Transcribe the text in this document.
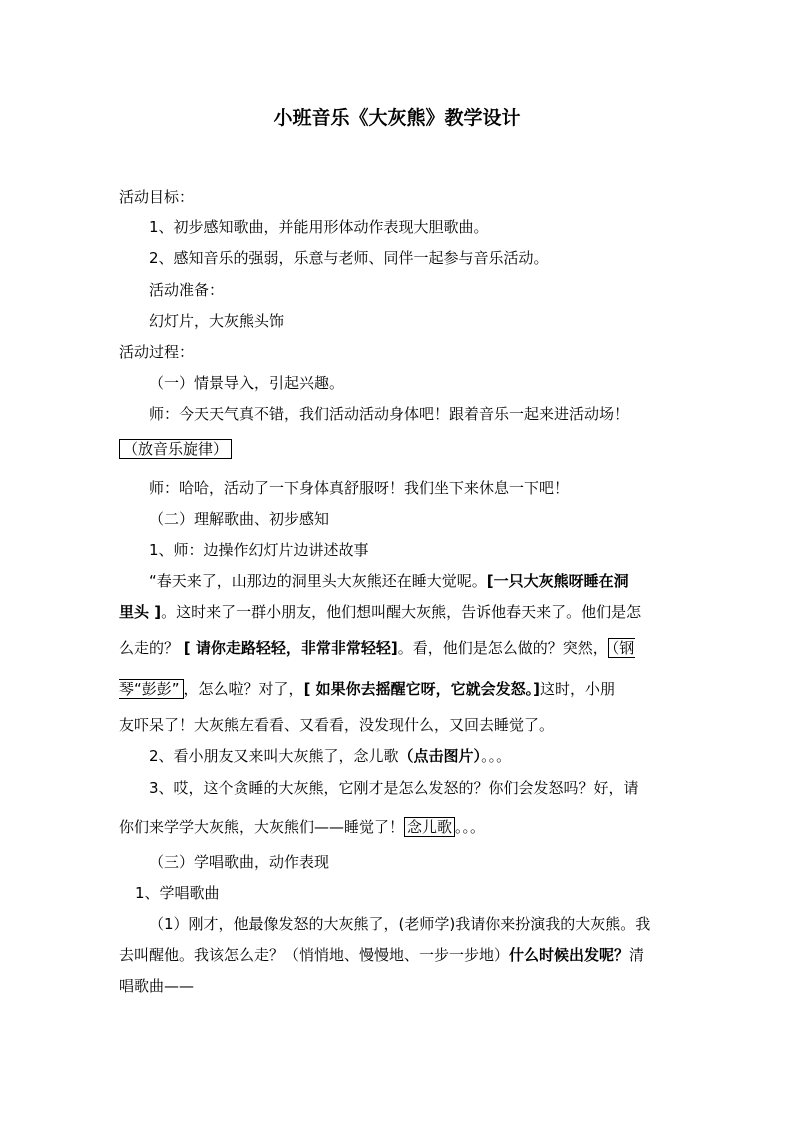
小班音乐《大灰熊》教学设计
活动目标：
1、初步感知歌曲，并能用形体动作表现大胆歌曲。
2、感知音乐的强弱，乐意与老师、同伴一起参与音乐活动。
活动准备：
幻灯片，大灰熊头饰
活动过程：
（一）情景导入，引起兴趣。
师：今天天气真不错，我们活动活动身体吧！跟着音乐一起来进活动场！
（放音乐旋律）
师：哈哈，活动了一下身体真舒服呀！我们坐下来休息一下吧！
（二）理解歌曲、初步感知
1、师：边操作幻灯片边讲述故事
“春天来了，山那边的洞里头大灰熊还在睡大觉呢。[一只大灰熊呀睡在洞
里头 ]。这时来了一群小朋友，他们想叫醒大灰熊，告诉他春天来了。他们是怎
么走的？ [ 请你走路轻轻，非常非常轻轻]。看，他们是怎么做的？突然， （钢
琴“彭彭” ，怎么啦？对了，[ 如果你去摇醒它呀，它就会发怒。]这时，小朋
友吓呆了！大灰熊左看看、又看看，没发现什么，又回去睡觉了。
2、看小朋友又来叫大灰熊了，念儿歌（点击图片）。。。
3、哎，这个贪睡的大灰熊，它刚才是怎么发怒的？你们会发怒吗？好，请
你们来学学大灰熊，大灰熊们——睡觉了！ 念儿歌 。。。
（三）学唱歌曲，动作表现
1、学唱歌曲
（1）刚才，他最像发怒的大灰熊了，(老师学)我请你来扮演我的大灰熊。我
去叫醒他。我该怎么走？（悄悄地、慢慢地、一步一步地）什么时候出发呢？清
唱歌曲——
